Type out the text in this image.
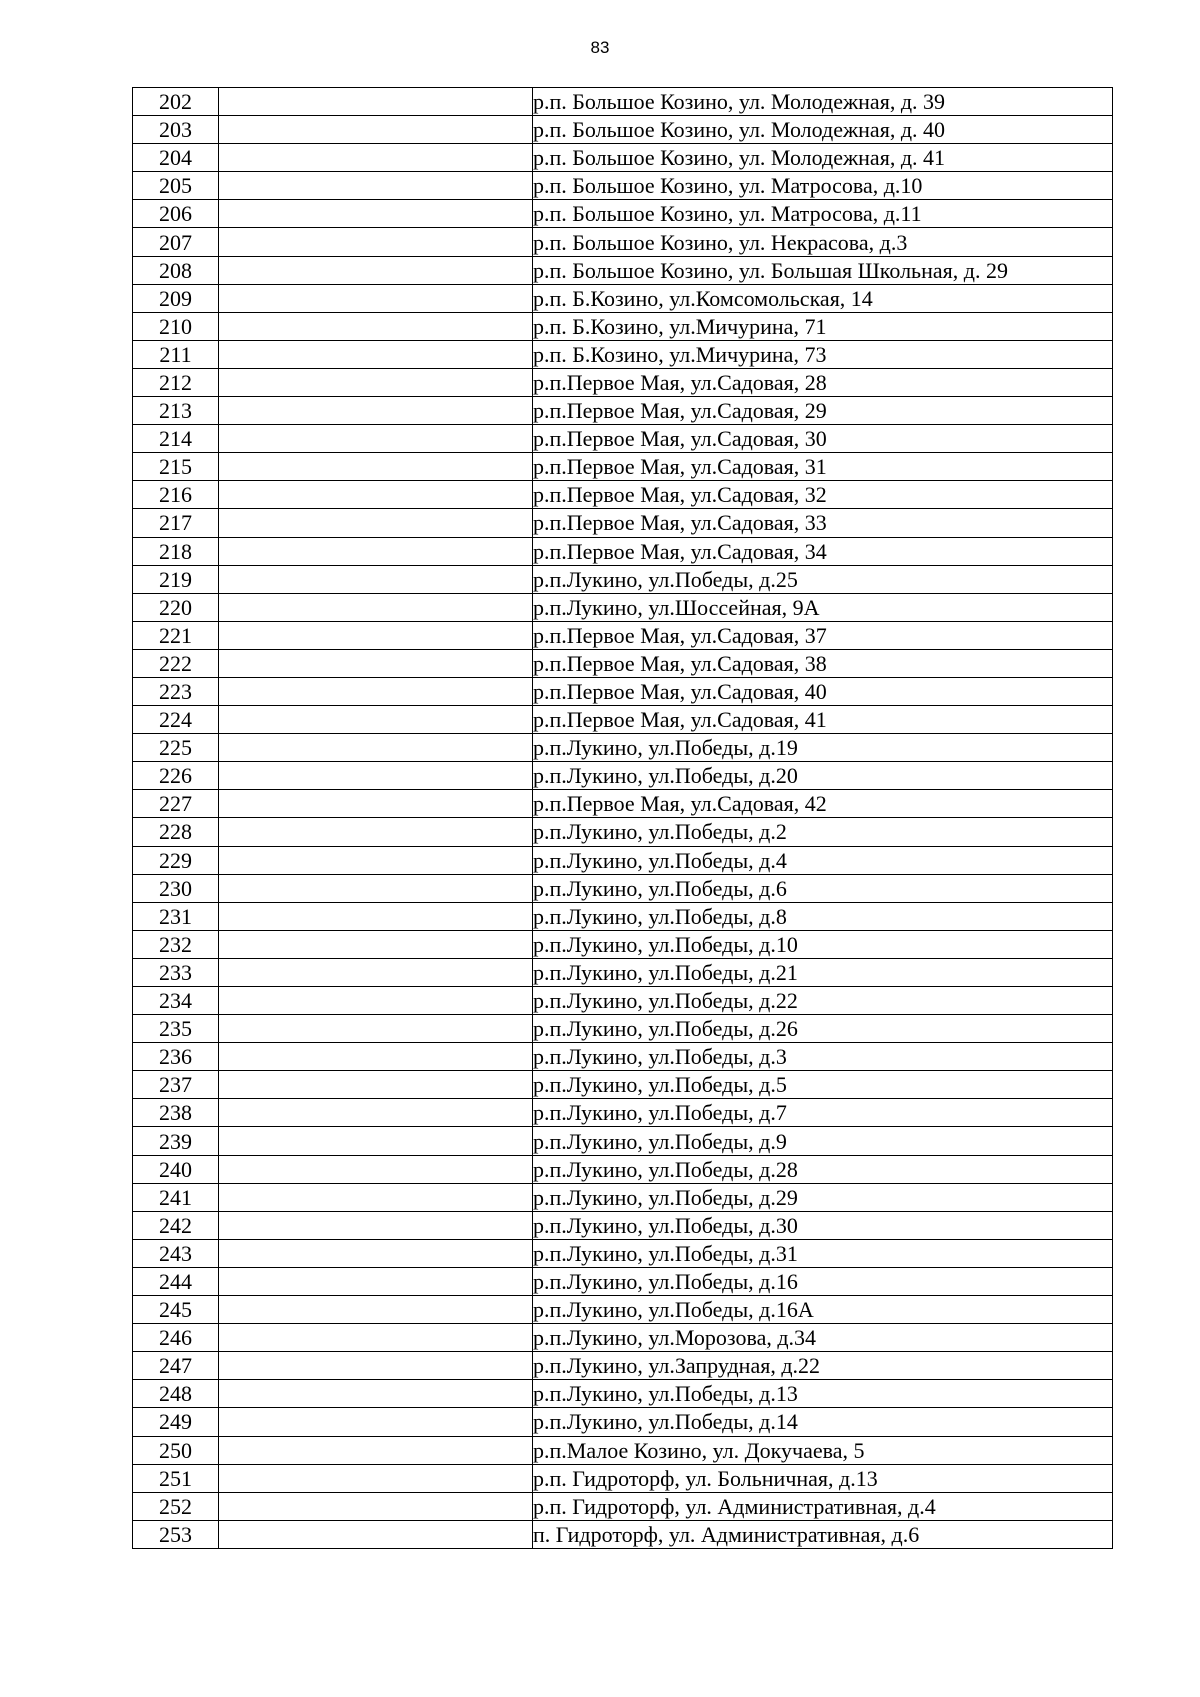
83
202		р.п. Большое Козино, ул. Молодежная, д. 39
203		р.п. Большое Козино, ул. Молодежная, д. 40
204		р.п. Большое Козино, ул. Молодежная, д. 41
205		р.п. Большое Козино, ул. Матросова, д.10
206		р.п. Большое Козино, ул. Матросова, д.11
207		р.п. Большое Козино, ул. Некрасова, д.3
208		р.п. Большое Козино, ул. Большая Школьная, д. 29
209		р.п. Б.Козино, ул.Комсомольская, 14
210		р.п. Б.Козино, ул.Мичурина, 71
211		р.п. Б.Козино, ул.Мичурина, 73
212		р.п.Первое Мая, ул.Садовая, 28
213		р.п.Первое Мая, ул.Садовая, 29
214		р.п.Первое Мая, ул.Садовая, 30
215		р.п.Первое Мая, ул.Садовая, 31
216		р.п.Первое Мая, ул.Садовая, 32
217		р.п.Первое Мая, ул.Садовая, 33
218		р.п.Первое Мая, ул.Садовая, 34
219		р.п.Лукино, ул.Победы, д.25
220		р.п.Лукино, ул.Шоссейная, 9А
221		р.п.Первое Мая, ул.Садовая, 37
222		р.п.Первое Мая, ул.Садовая, 38
223		р.п.Первое Мая, ул.Садовая, 40
224		р.п.Первое Мая, ул.Садовая, 41
225		р.п.Лукино, ул.Победы, д.19
226		р.п.Лукино, ул.Победы, д.20
227		р.п.Первое Мая, ул.Садовая, 42
228		р.п.Лукино, ул.Победы, д.2
229		р.п.Лукино, ул.Победы, д.4
230		р.п.Лукино, ул.Победы, д.6
231		р.п.Лукино, ул.Победы, д.8
232		р.п.Лукино, ул.Победы, д.10
233		р.п.Лукино, ул.Победы, д.21
234		р.п.Лукино, ул.Победы, д.22
235		р.п.Лукино, ул.Победы, д.26
236		р.п.Лукино, ул.Победы, д.3
237		р.п.Лукино, ул.Победы, д.5
238		р.п.Лукино, ул.Победы, д.7
239		р.п.Лукино, ул.Победы, д.9
240		р.п.Лукино, ул.Победы, д.28
241		р.п.Лукино, ул.Победы, д.29
242		р.п.Лукино, ул.Победы, д.30
243		р.п.Лукино, ул.Победы, д.31
244		р.п.Лукино, ул.Победы, д.16
245		р.п.Лукино, ул.Победы, д.16А
246		р.п.Лукино, ул.Морозова, д.34
247		р.п.Лукино, ул.Запрудная, д.22
248		р.п.Лукино, ул.Победы, д.13
249		р.п.Лукино, ул.Победы, д.14
250		р.п.Малое Козино, ул. Докучаева, 5
251		р.п. Гидроторф, ул. Больничная, д.13
252		р.п. Гидроторф, ул. Административная, д.4
253		п. Гидроторф, ул. Административная, д.6
